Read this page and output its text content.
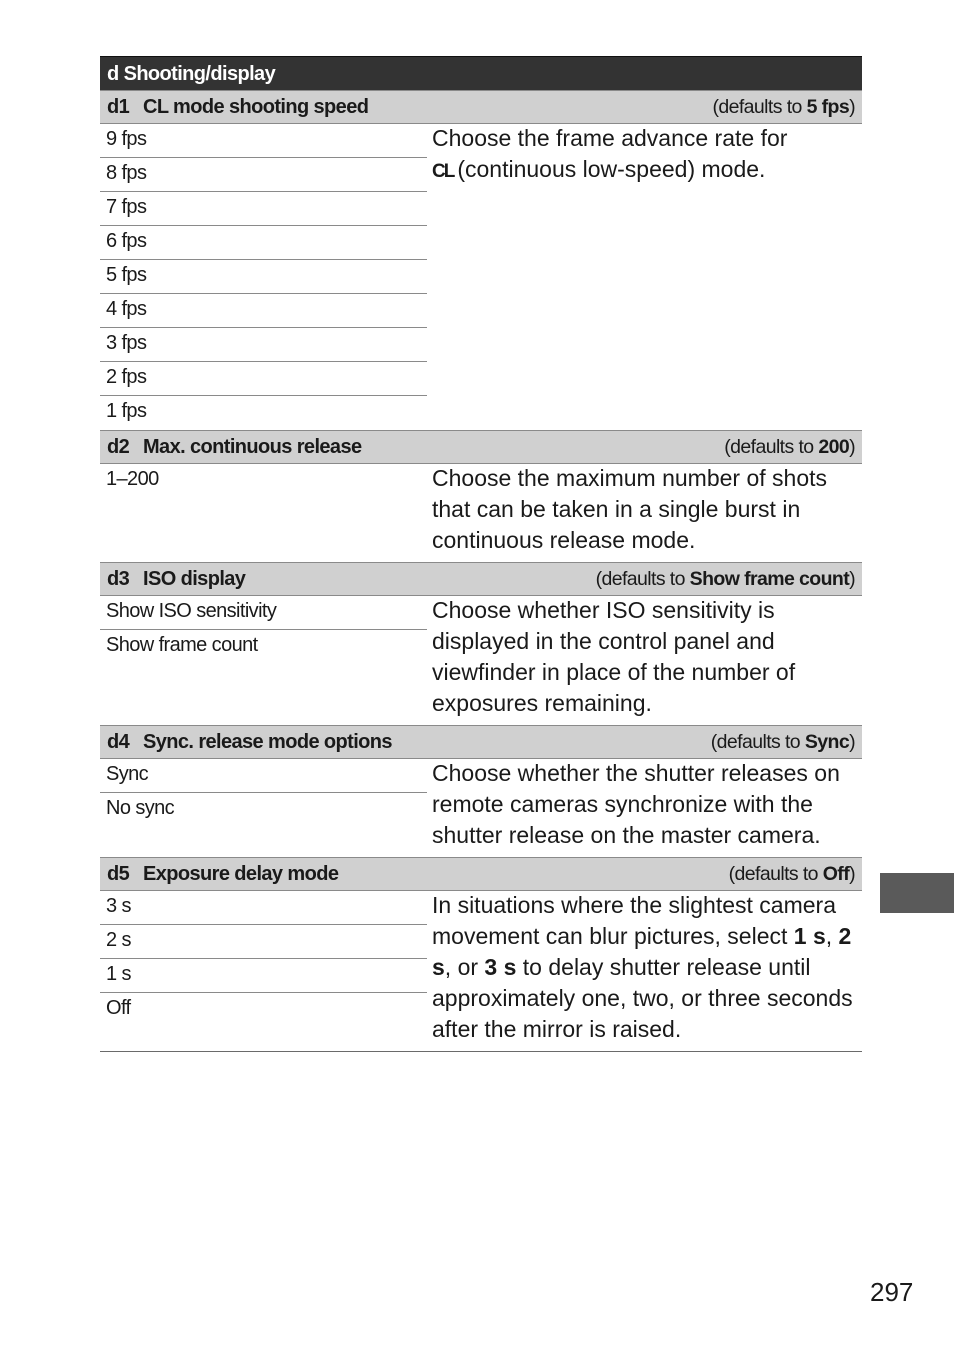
d Shooting/display
d1 CL mode shooting speed	(defaults to 5 fps)
9 fps
8 fps
7 fps
6 fps
5 fps
4 fps
3 fps
2 fps
1 fps
Choose the frame advance rate for
CL (continuous low-speed) mode.
d2 Max. continuous release	(defaults to 200)
1–200	Choose the maximum number of shots that can be taken in a single burst in continuous release mode.
d3 ISO display	(defaults to Show frame count)
Show ISO sensitivity
Show frame count
Choose whether ISO sensitivity is displayed in the control panel and viewfinder in place of the number of exposures remaining.
d4 Sync. release mode options	(defaults to Sync)
Sync
No sync
Choose whether the shutter releases on remote cameras synchronize with the shutter release on the master camera.
d5 Exposure delay mode	(defaults to Off)
3 s
2 s
1 s
Off
In situations where the slightest camera movement can blur pictures, select 1 s, 2 s, or 3 s to delay shutter release until approximately one, two, or three seconds after the mirror is raised.
297
